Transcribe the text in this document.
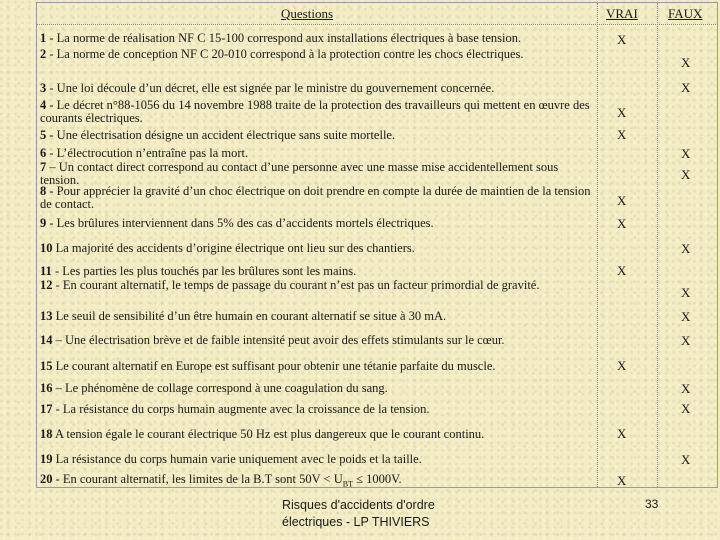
Questions	VRAI FAUX
1 - La norme de réalisation NF C 15-100 correspond aux installations électriques à base tension.
2 - La norme de conception NF C 20-010 correspond à la protection contre les chocs électriques.
3 - Une loi découle d’un décret, elle est signée par le ministre du gouvernement concernée.
4 - Le décret n°88-1056 du 14 novembre 1988 traite de la protection des travailleurs qui mettent en œuvre des courants électriques.
5 - Une électrisation désigne un accident électrique sans suite mortelle.
6 - L’électrocution n’entraîne pas la mort.
7 – Un contact direct correspond au contact d’une personne avec une masse mise accidentellement sous tension.
8 - Pour apprécier la gravité d’un choc électrique on doit prendre en compte la durée de maintien de la tension de contact.
9 - Les brûlures interviennent dans 5% des cas d’accidents mortels électriques.
10 La majorité des accidents d’origine électrique ont lieu sur des chantiers.
11 - Les parties les plus touchés par les brûlures sont les mains.
12 - En courant alternatif, le temps de passage du courant n’est pas un facteur primordial de gravité.
13 Le seuil de sensibilité d’un être humain en courant alternatif se situe à 30 mA.
14 – Une électrisation brève et de faible intensité peut avoir des effets stimulants sur le cœur.
15 Le courant alternatif en Europe est suffisant pour obtenir une tétanie parfaite du muscle.
16 – Le phénomène de collage correspond à une coagulation du sang.
17 - La résistance du corps humain augmente avec la croissance de la tension.
18 A tension égale le courant électrique 50 Hz est plus dangereux que le courant continu.
19 La résistance du corps humain varie uniquement avec le poids et la taille.
20 - En courant alternatif, les limites de la B.T sont $50V < U_{BT} \le 1000V$.
X
X
X
X
X
X
X
X
X
X
X
X
X
X
X
X
X
X
X
X
Risques d'accidents d'ordre
électriques - LP THIVIERS
33
